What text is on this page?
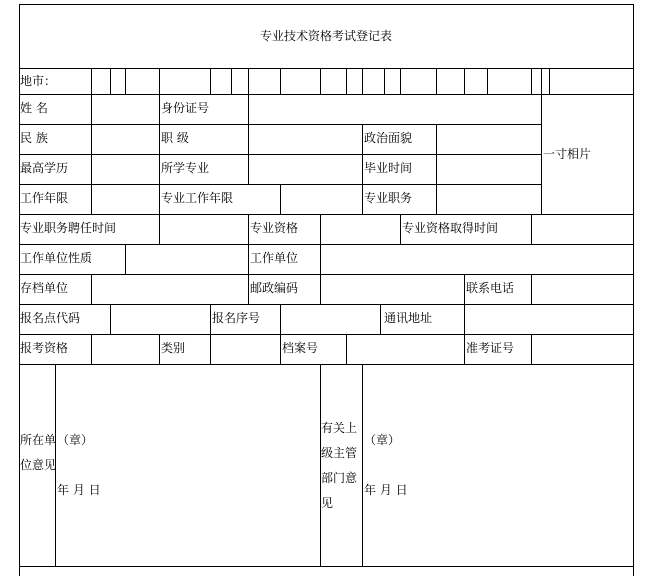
专业技术资格考试登记表
地市：
一寸相片
姓 名	身份证号
民 族	职 级	政治面貌
最高学历	所学专业	毕业时间
工作年限	专业工作年限	专业职务
专业职务聘任时间	专业资格	专业资格取得时间
工作单位性质	工作单位
存档单位	邮政编码	联系电话
报名点代码	报名序号	通讯地址
报考资格	类别	档案号	准考证号
所在单位意见
（章）
年 月 日
有关上级主管部门意见
（章）
年 月 日
